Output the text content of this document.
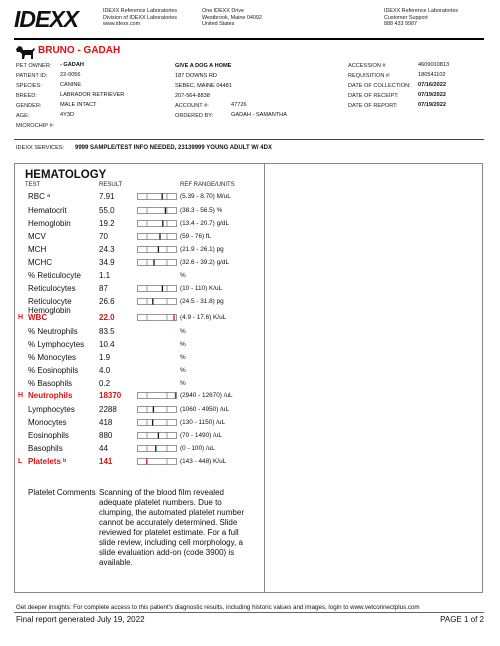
IDEXX	IDEXX Reference Laboratories
Division of IDEXX Laboratories
www.idexx.com
One IDEXX Drive
Westbrook, Maine 04092
United States
IDEXX Reference Laboratories
Customer Support
888 433 9987
BRUNO - GADAH
PET OWNER: - GADAH
PATIENT ID: 22-0056
SPECIES:	CANINE
BREED:	LABRADOR RETRIEVER
GENDER:	MALE INTACT
AGE:	4Y3D
MICROCHIP #:
GIVE A DOG A HOME
187 DOWNS RD
SEBEC, MAINE 04481
207-564-8838
ACCOUNT #:	47726
ORDERED BY:	GADAH - SAMANTHA
ACCESSION #	4609010813
REQUISITION #:	180541102
DATE OF COLLECTION: 07/16/2022
DATE OF RECEIPT:	07/19/2022
DATE OF REPORT:	07/19/2022
IDEXX SERVICES: 9999 SAMPLE/TEST INFO NEEDED, 23139999 YOUNG ADULT W/ 4DX
HEMATOLOGY
TEST	RESULT	REF RANGE/UNITS
RBC ᵃ	7.91	(5.39 - 8.70) M/uL
Hematocrit	55.0	(38.3 - 56.5) %
Hemoglobin	19.2	(13.4 - 20.7) g/dL
MCV	70	(59 - 76) fL
MCH	24.3	(21.9 - 26.1) pg
MCHC	34.9	(32.6 - 39.2) g/dL
% Reticulocyte 1.1	%
Reticulocytes	87	(10 - 110) K/uL
Reticulocyte Hemoglobin
26.6	(24.5 - 31.8) pg
H WBC	22.0	(4.9 - 17.6) K/uL
% Neutrophils	83.5	%
% Lymphocytes 10.4	%
% Monocytes	1.9	%
% Eosinophils	4.0	%
% Basophils	0.2	%
H Neutrophils	18370	(2940 - 12670) /uL
Lymphocytes	2288	(1060 - 4950) /uL
Monocytes	418	(130 - 1150) /uL
Eosinophils	880	(70 - 1490) /uL
Basophils	44	(0 - 100) /uL
L Platelets ᵇ	141	(143 - 448) K/uL
Platelet Comments Scanning of the blood film revealed adequate platelet numbers. Due to clumping, the automated platelet number cannot be accurately determined. Slide reviewed for platelet estimate. For a full slide review, including cell morphology, a slide evaluation add-on (code 3900) is available.
Get deeper insights: For complete access to this patient's diagnostic results, including historic values and images, login to www.vetconnectplus.com
Final report generated July 19, 2022	PAGE 1 of 2
